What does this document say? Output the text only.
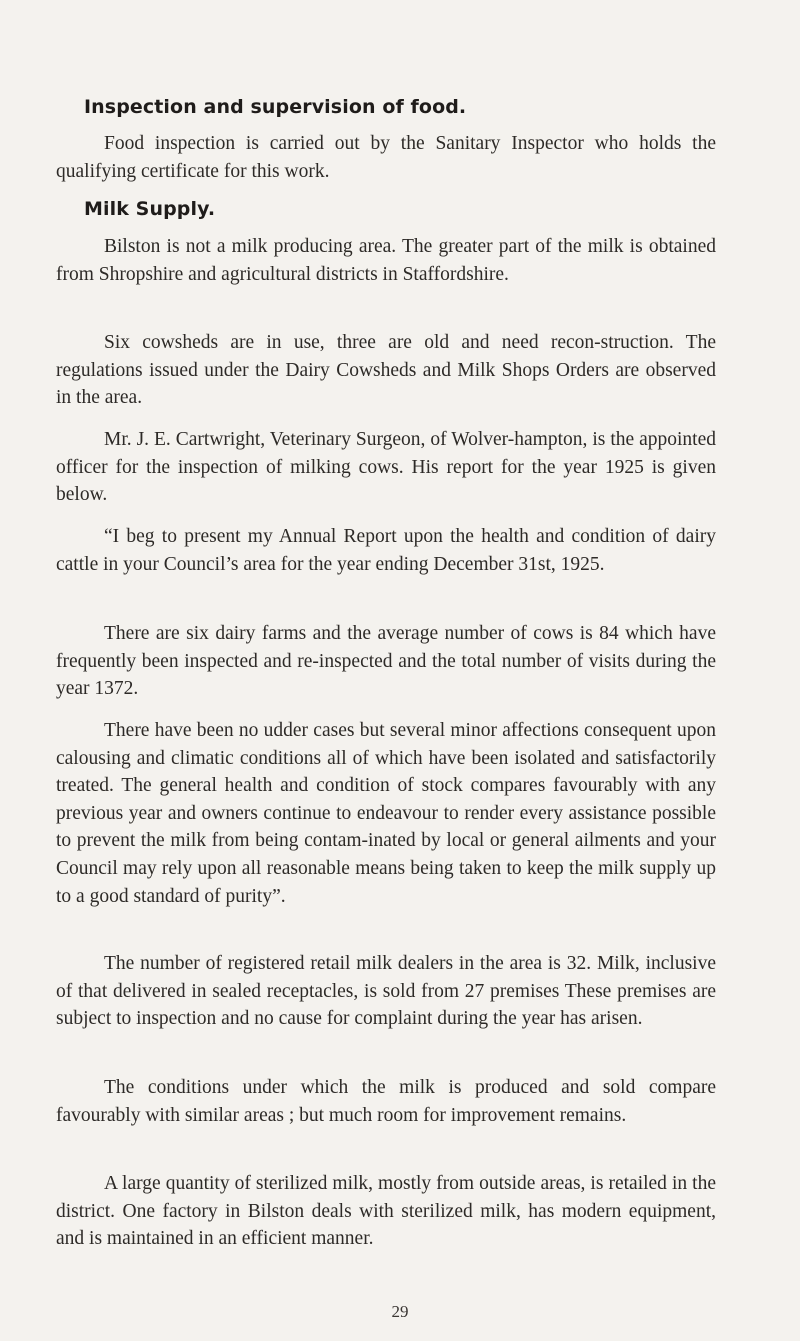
Inspection and supervision of food.

Food inspection is carried out by the Sanitary Inspector who holds the qualifying certificate for this work.

Milk Supply.

Bilston is not a milk producing area. The greater part of the milk is obtained from Shropshire and agricultural districts in Staffordshire.

Six cowsheds are in use, three are old and need recon-struction. The regulations issued under the Dairy Cowsheds and Milk Shops Orders are observed in the area.

Mr. J. E. Cartwright, Veterinary Surgeon, of Wolver-hampton, is the appointed officer for the inspection of milking cows. His report for the year 1925 is given below.

“I beg to present my Annual Report upon the health and condition of dairy cattle in your Council’s area for the year ending December 31st, 1925.

There are six dairy farms and the average number of cows is 84 which have frequently been inspected and re-inspected and the total number of visits during the year 1372.

There have been no udder cases but several minor affections consequent upon calousing and climatic conditions all of which have been isolated and satisfactorily treated. The general health and condition of stock compares favourably with any previous year and owners continue to endeavour to render every assistance possible to prevent the milk from being contam-inated by local or general ailments and your Council may rely upon all reasonable means being taken to keep the milk supply up to a good standard of purity”.

The number of registered retail milk dealers in the area is 32. Milk, inclusive of that delivered in sealed receptacles, is sold from 27 premises These premises are subject to inspection and no cause for complaint during the year has arisen.

The conditions under which the milk is produced and sold compare favourably with similar areas ; but much room for improvement remains.

A large quantity of sterilized milk, mostly from outside areas, is retailed in the district. One factory in Bilston deals with sterilized milk, has modern equipment, and is maintained in an efficient manner.

29
